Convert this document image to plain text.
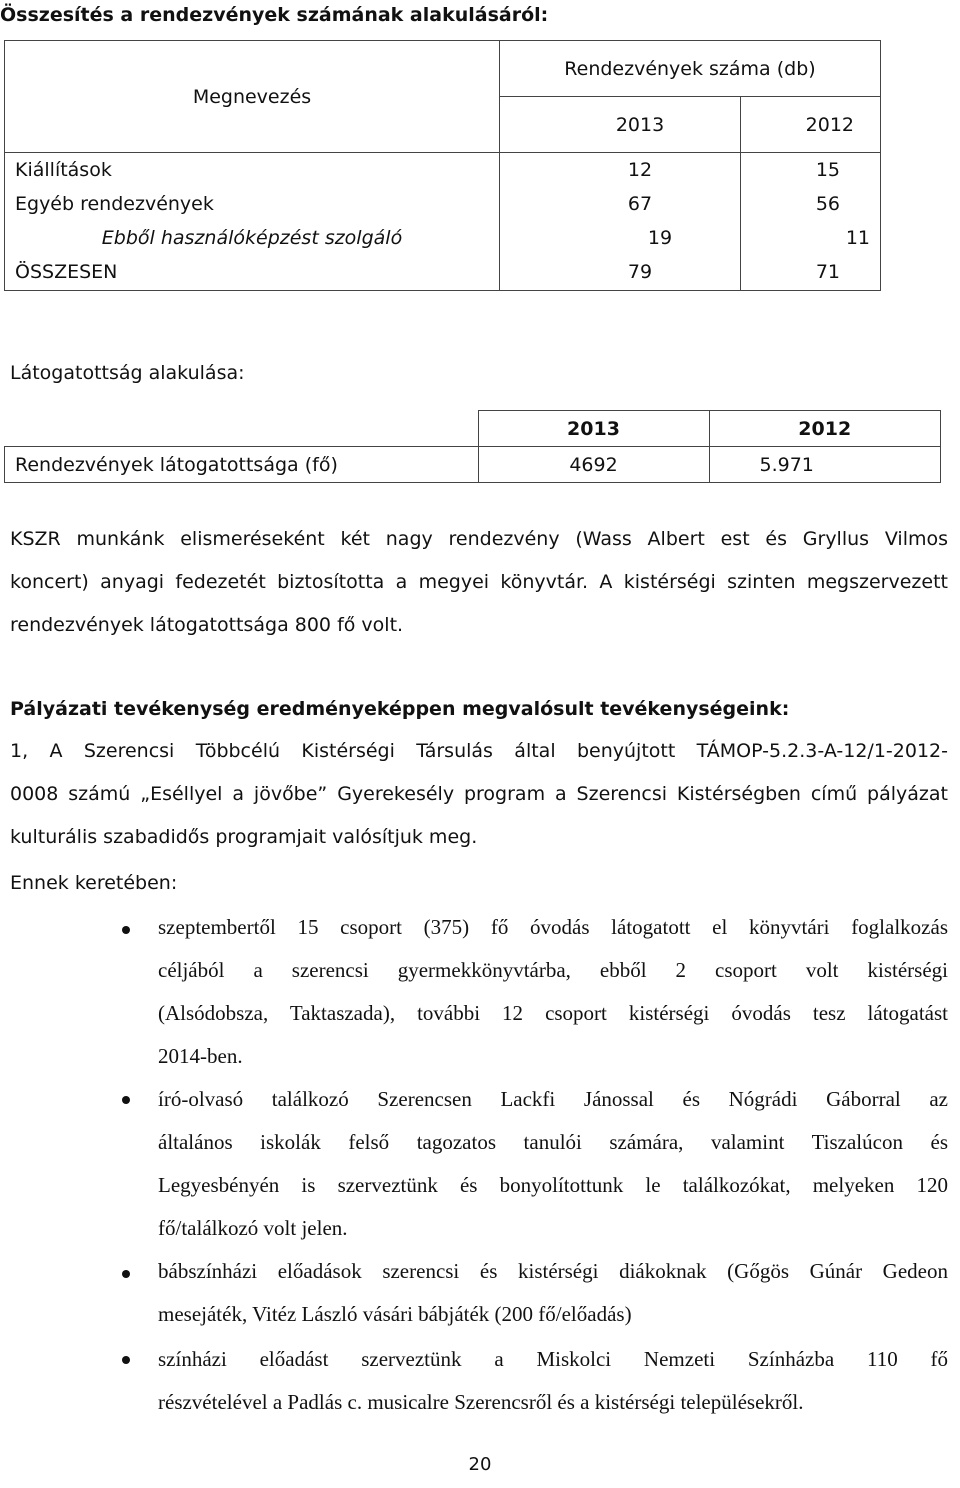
Összesítés a rendezvények számának alakulásáról:
Megnevezés	Rendezvények száma (db)	
	2013	2012
Kiállítások	12	15
Egyéb rendezvények	67	56
Ebből használóképzést szolgáló	19	11
ÖSSZESEN	79	71
Látogatottság alakulása:
	2013	2012
Rendezvények látogatottsága (fő)	4692	5.971
KSZR munkánk elismeréseként két nagy rendezvény (Wass Albert est és Gryllus Vilmos
koncert) anyagi fedezetét biztosította a megyei könyvtár. A kistérségi szinten megszervezett
rendezvények látogatottsága 800 fő volt.
Pályázati tevékenység eredményeképpen megvalósult tevékenységeink:
1, A Szerencsi Többcélú Kistérségi Társulás által benyújtott TÁMOP-5.2.3-A-12/1-2012-
0008 számú „Eséllyel a jövőbe” Gyerekesély program a Szerencsi Kistérségben című pályázat
kulturális szabadidős programjait valósítjuk meg.
Ennek keretében:
szeptembertől 15 csoport (375) fő óvodás látogatott el könyvtári foglalkozás
céljából a szerencsi gyermekkönyvtárba, ebből 2 csoport volt kistérségi
(Alsódobsza, Taktaszada), további 12 csoport kistérségi óvodás tesz látogatást
2014-ben.
író-olvasó találkozó Szerencsen Lackfi Jánossal és Nógrádi Gáborral az
általános iskolák felső tagozatos tanulói számára, valamint Tiszalúcon és
Legyesbényén is szerveztünk és bonyolítottunk le találkozókat, melyeken 120
fő/találkozó volt jelen.
bábszínházi előadások szerencsi és kistérségi diákoknak (Gőgös Gúnár Gedeon
mesejáték, Vitéz László vásári bábjáték (200 fő/előadás)
színházi előadást szerveztünk a Miskolci Nemzeti Színházba 110 fő
részvételével a Padlás c. musicalre Szerencsről és a kistérségi településekről.
20
